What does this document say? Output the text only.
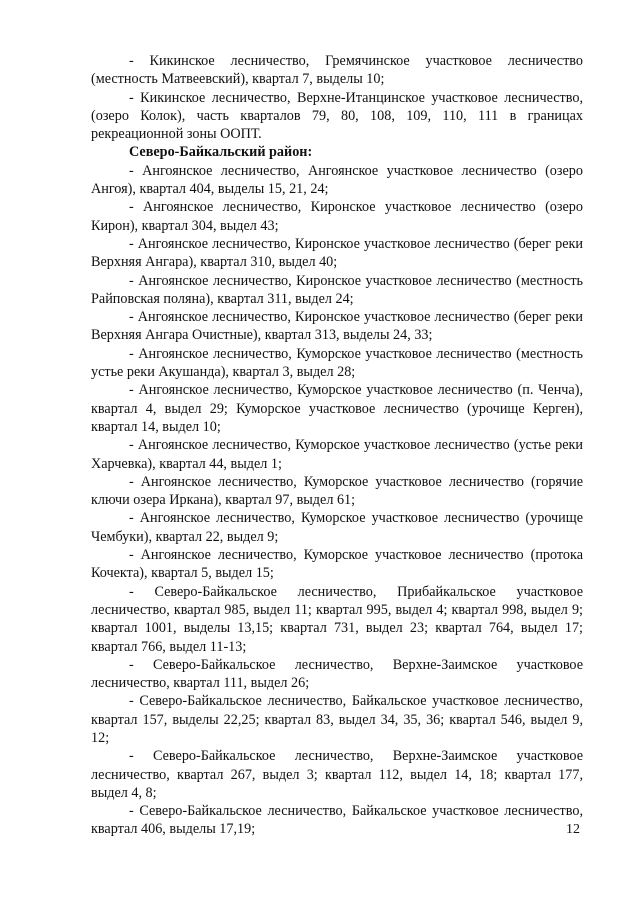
- Кикинское лесничество, Гремячинское участковое лесничество (местность Матвеевский), квартал 7, выделы 10;

- Кикинское лесничество, Верхне-Итанцинское участковое лесничество, (озеро Колок), часть кварталов 79, 80, 108, 109, 110, 111 в границах рекреационной зоны ООПТ.

Северо-Байкальский район:

- Ангоянское лесничество, Ангоянское участковое лесничество (озеро Ангоя), квартал 404, выделы 15, 21, 24;

- Ангоянское лесничество, Киронское участковое лесничество (озеро Кирон), квартал 304, выдел 43;

- Ангоянское лесничество, Киронское участковое лесничество (берег реки Верхняя Ангара), квартал 310, выдел 40;

- Ангоянское лесничество, Киронское участковое лесничество (местность Райповская поляна), квартал 311, выдел 24;

- Ангоянское лесничество, Киронское участковое лесничество (берег реки Верхняя Ангара Очистные), квартал 313, выделы 24, 33;

- Ангоянское лесничество, Куморское участковое лесничество (местность устье реки Акушанда), квартал 3, выдел 28;

- Ангоянское лесничество, Куморское участковое лесничество (п. Ченча), квартал 4, выдел 29; Куморское участковое лесничество (урочище Керген), квартал 14, выдел 10;

- Ангоянское лесничество, Куморское участковое лесничество (устье реки Харчевка), квартал 44, выдел 1;

- Ангоянское лесничество, Куморское участковое лесничество (горячие ключи озера Иркана), квартал 97, выдел 61;

- Ангоянское лесничество, Куморское участковое лесничество (урочище Чембуки), квартал 22, выдел 9;

- Ангоянское лесничество, Куморское участковое лесничество (протока Кочекта), квартал 5, выдел 15;

- Северо-Байкальское лесничество, Прибайкальское участковое лесничество, квартал 985, выдел 11; квартал 995, выдел 4; квартал 998, выдел 9; квартал 1001, выделы 13,15; квартал 731, выдел 23; квартал 764, выдел 17; квартал 766, выдел 11-13;

- Северо-Байкальское лесничество, Верхне-Заимское участковое лесничество, квартал 111, выдел 26;

- Северо-Байкальское лесничество, Байкальское участковое лесничество, квартал 157, выделы 22,25; квартал 83, выдел 34, 35, 36; квартал 546, выдел 9, 12;

- Северо-Байкальское лесничество, Верхне-Заимское участковое лесничество, квартал 267, выдел 3; квартал 112, выдел 14, 18; квартал 177, выдел 4, 8;

- Северо-Байкальское лесничество, Байкальское участковое лесничество, квартал 406, выделы 17,19;	12
